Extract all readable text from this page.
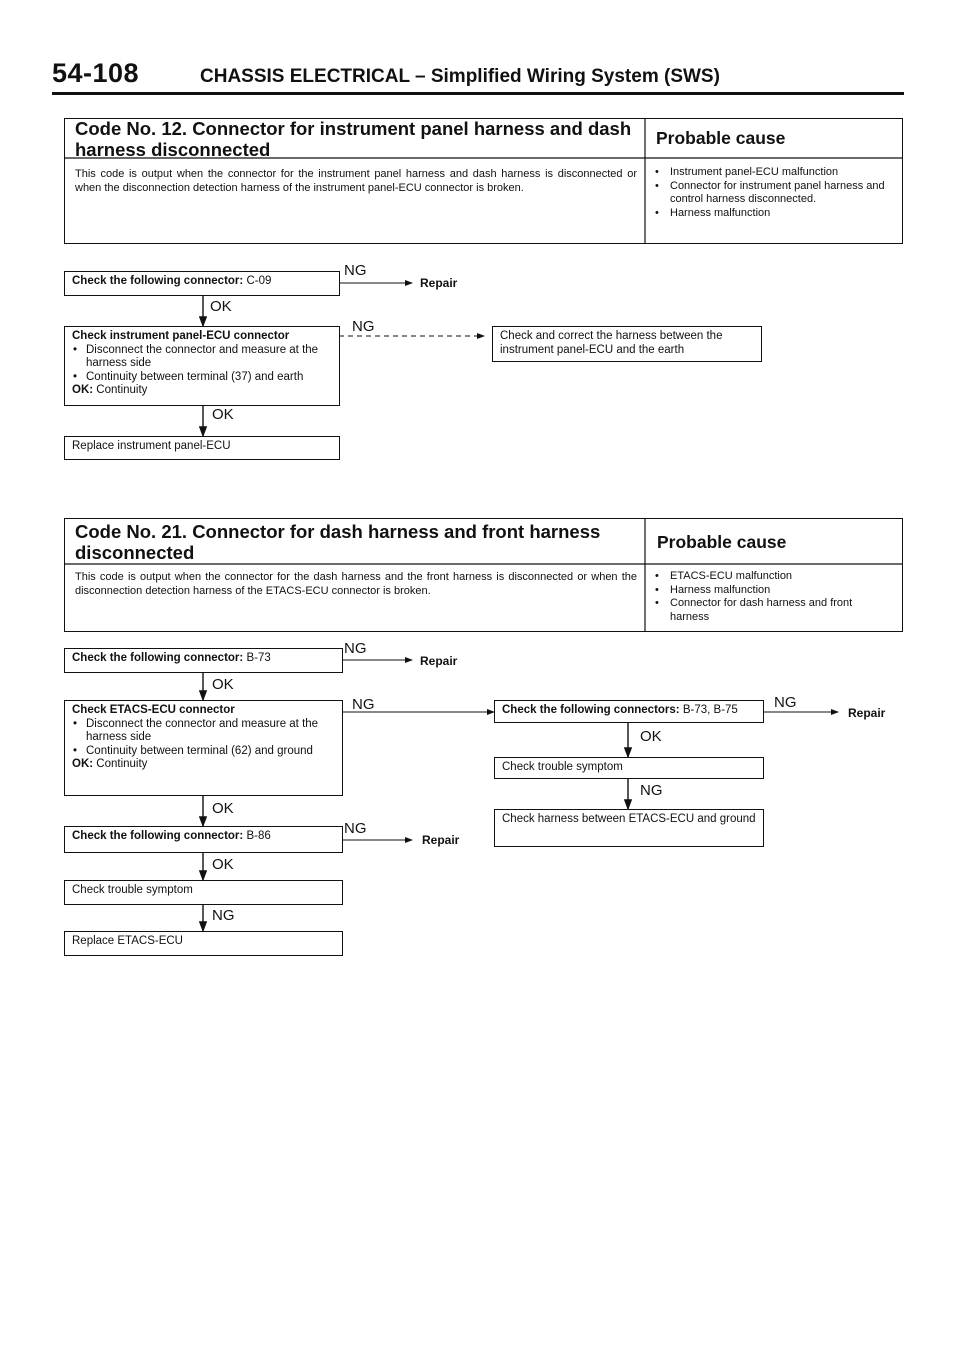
54-108	CHASSIS ELECTRICAL – Simplified Wiring System (SWS)
Code No. 12. Connector for instrument panel harness and dash
harness disconnected
Probable cause
This code is output when the connector for the instrument panel harness and dash harness is disconnected or when the disconnection detection harness of the instrument panel-ECU connector is broken.
• Instrument panel-ECU malfunction
• Connector for instrument panel harness and control harness disconnected.
• Harness malfunction
Check the following connector: C-09
NG
Repair
OK
Check instrument panel-ECU connector
• Disconnect the connector and measure at the harness side
• Continuity between terminal (37) and earth
OK: Continuity
NG
Check and correct the harness between the instrument panel-ECU and the earth
OK
Replace instrument panel-ECU
Code No. 21. Connector for dash harness and front harness
disconnected	Probable cause
This code is output when the connector for the dash harness and the front harness is disconnected or when the disconnection detection harness of the ETACS-ECU connector is broken.
• ETACS-ECU malfunction
• Harness malfunction
• Connector for dash harness and front harness
Check the following connector: B-73
NG
Repair
OK
Check ETACS-ECU connector
• Disconnect the connector and measure at the harness side
• Continuity between terminal (62) and ground
OK: Continuity
NG
OK
Check the following connector: B-86	NG
Repair
OK
Check trouble symptom
NG
Replace ETACS-ECU
Check the following connectors: B-73, B-75	NG
Repair
OK
Check trouble symptom
NG
Check harness between ETACS-ECU and ground
